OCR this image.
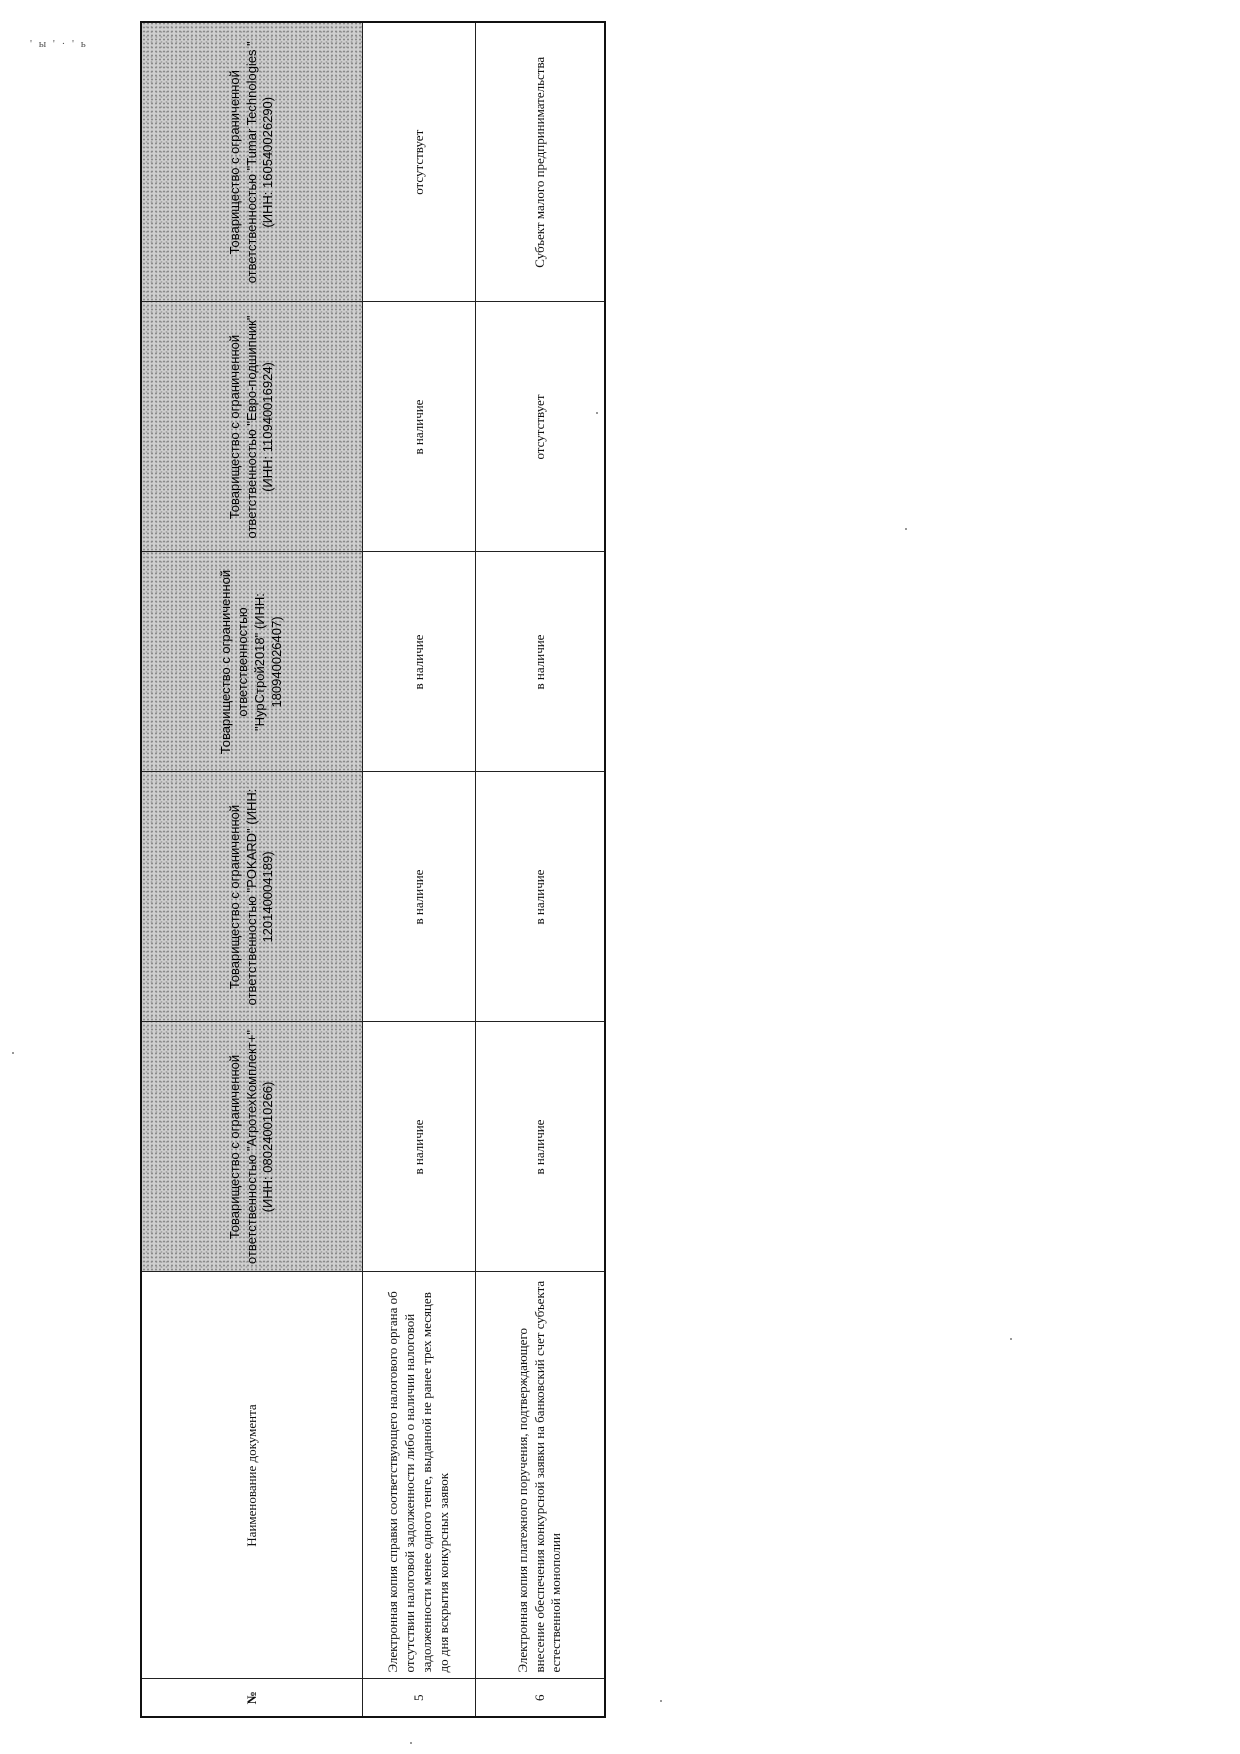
' ы ' · ' ь
№	Наименование документа	Товарищество с ограниченной ответственностью "АгротехКомплект+" (ИНН: 080240010266)	Товарищество с ограниченной ответственностью "POKARD" (ИНН: 120140004189)	Товарищество с ограниченной ответственностью "НурСтрой2018" (ИНН: 180940026407)	Товарищество с ограниченной ответственностью "Евро-подшипник" (ИНН: 110940016924)	Товарищество с ограниченной ответственностью "Tumar Technologies " (ИНН: 160540026290)
5	Электронная копия справки соответствующего налогового органа об отсутствии налоговой задолженности либо о наличии налоговой задолженности менее одного тенге, выданной не ранее трех месяцев до дня вскрытия конкурсных заявок	в наличие	в наличие	в наличие	в наличие	отсутствует
6	Электронная копия платежного поручения, подтверждающего внесение обеспечения конкурсной заявки на банковский счет субъекта естественной монополии	в наличие	в наличие	в наличие	отсутствует	Субъект малого предпринимательства
